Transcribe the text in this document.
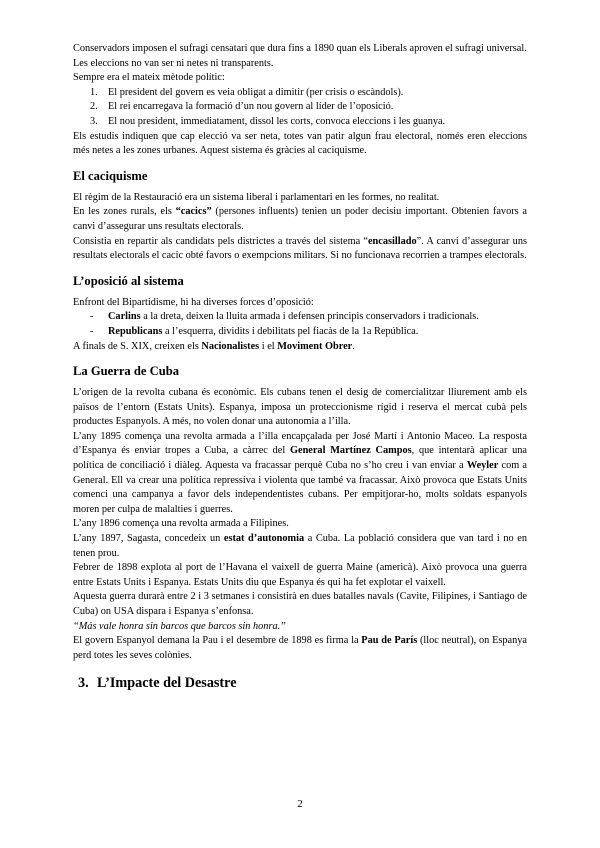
Conservadors imposen el sufragi censatari que dura fins a 1890 quan els Liberals aproven el sufragi universal.

Les eleccions no van ser ni netes ni transparents.

Sempre era el mateix mètode polític:

1. El president del govern es veia obligat a dimitir (per crisis o escàndols).
2. El rei encarregava la formació d’un nou govern al líder de l’oposició.
3. El nou president, immediatament, dissol les corts, convoca eleccions i les guanya.

Els estudis indiquen que cap elecció va ser neta, totes van patir algun frau electoral, només eren eleccions més netes a les zones urbanes. Aquest sistema és gràcies al caciquisme.

El caciquisme

El règim de la Restauració era un sistema liberal i parlamentari en les formes, no realitat.

En les zones rurals, els “cacics” (persones influents) tenien un poder decisiu important. Obtenien favors a canvi d’assegurar uns resultats electorals.

Consistia en repartir als candidats pels districtes a través del sistema “encasillado”. A canvi d’assegurar uns resultats electorals el cacic obté favors o exempcions militars. Si no funcionava recorrien a trampes electorals.

L’oposició al sistema

Enfront del Bipartidisme, hi ha diverses forces d’oposició:

- Carlins a la dreta, deixen la lluita armada i defensen principis conservadors i tradicionals.
- Republicans a l’esquerra, dividits i debilitats pel fiacàs de la 1a República.

A finals de S. XIX, creixen els Nacionalistes i el Moviment Obrer.

La Guerra de Cuba

L’origen de la revolta cubana és econòmic. Els cubans tenen el desig de comercialitzar lliurement amb els països de l’entorn (Estats Units). Espanya, imposa un proteccionisme rígid i reserva el mercat cubà pels productes Espanyols. A més, no volen donar una autonomia a l’illa.

L’any 1895 comença una revolta armada a l’illa encapçalada per José Martí i Antonio Maceo. La resposta d’Espanya és enviar tropes a Cuba, a càrrec del General Martínez Campos, que intentarà aplicar una política de conciliació i diàleg. Aquesta va fracassar perquè Cuba no s’ho creu i van enviar a Weyler com a General. Ell va crear una política repressiva i violenta que també va fracassar. Això provoca que Estats Units comenci una campanya a favor dels independentistes cubans. Per empitjorar-ho, molts soldats espanyols moren per culpa de malalties i guerres.

L’any 1896 comença una revolta armada a Filipines.

L’any 1897, Sagasta, concedeix un estat d’autonomia a Cuba. La població considera que van tard i no en tenen prou.

Febrer de 1898 explota al port de l’Havana el vaixell de guerra Maine (americà). Això provoca una guerra entre Estats Units i Espanya. Estats Units diu que Espanya és qui ha fet explotar el vaixell.

Aquesta guerra durarà entre 2 i 3 setmanes i consistirà en dues batalles navals (Cavite, Filipines, i Santiago de Cuba) on USA dispara i Espanya s’enfonsa.

“Más vale honra sin barcos que barcos sin honra.”

El govern Espanyol demana la Pau i el desembre de 1898 es firma la Pau de París (lloc neutral), on Espanya perd totes les seves colònies.

3. L’Impacte del Desastre
2
